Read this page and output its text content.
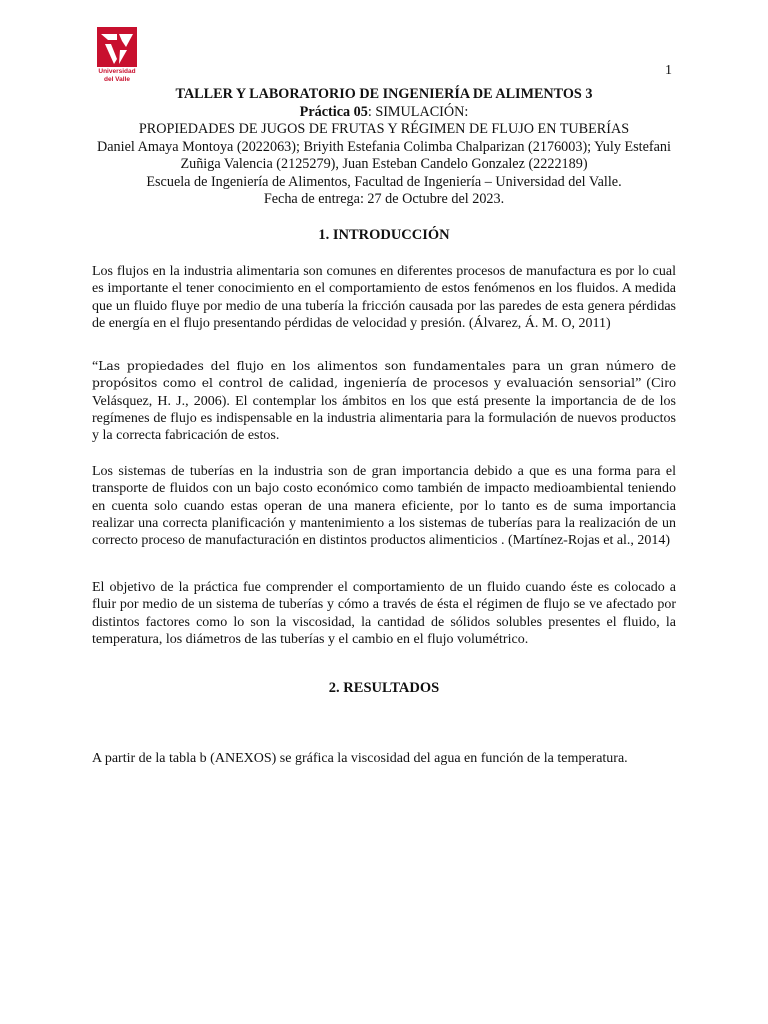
Universidad
del Valle
1

TALLER Y LABORATORIO DE INGENIERÍA DE ALIMENTOS 3

Práctica 05: SIMULACIÓN:

PROPIEDADES DE JUGOS DE FRUTAS Y RÉGIMEN DE FLUJO EN TUBERÍAS

Daniel Amaya Montoya (2022063); Briyith Estefania Colimba Chalparizan (2176003); Yuly Estefani Zuñiga Valencia (2125279), Juan Esteban Candelo Gonzalez (2222189)

Escuela de Ingeniería de Alimentos, Facultad de Ingeniería – Universidad del Valle.

Fecha de entrega: 27 de Octubre del 2023.

1. INTRODUCCIÓN

Los flujos en la industria alimentaria son comunes en diferentes procesos de manufactura es por lo cual es importante el tener conocimiento en el comportamiento de estos fenómenos en los fluidos. A medida que un fluido fluye por medio de una tubería la fricción causada por las paredes de esta genera pérdidas de energía en el flujo presentando pérdidas de velocidad y presión. (Álvarez, Á. M. O, 2011)

“Las propiedades del flujo en los alimentos son fundamentales para un gran número de propósitos como el control de calidad, ingeniería de procesos y evaluación sensorial” (Ciro Velásquez, H. J., 2006). El contemplar los ámbitos en los que está presente la importancia de de los regímenes de flujo es indispensable en la industria alimentaria para la formulación de nuevos productos y la correcta fabricación de estos.

Los sistemas de tuberías en la industria son de gran importancia debido a que es una forma para el transporte de fluidos con un bajo costo económico como también de impacto medioambiental teniendo en cuenta solo cuando estas operan de una manera eficiente, por lo tanto es de suma importancia realizar una correcta planificación y mantenimiento a los sistemas de tuberías para la realización de un correcto proceso de manufacturación en distintos productos alimenticios . (Martínez-Rojas et al., 2014)

El objetivo de la práctica fue comprender el comportamiento de un fluido cuando éste es colocado a fluir por medio de un sistema de tuberías y cómo a través de ésta el régimen de flujo se ve afectado por distintos factores como lo son la viscosidad, la cantidad de sólidos solubles presentes el fluido, la temperatura, los diámetros de las tuberías y el cambio en el flujo volumétrico.

2. RESULTADOS

A partir de la tabla b (ANEXOS) se gráfica la viscosidad del agua en función de la temperatura.
